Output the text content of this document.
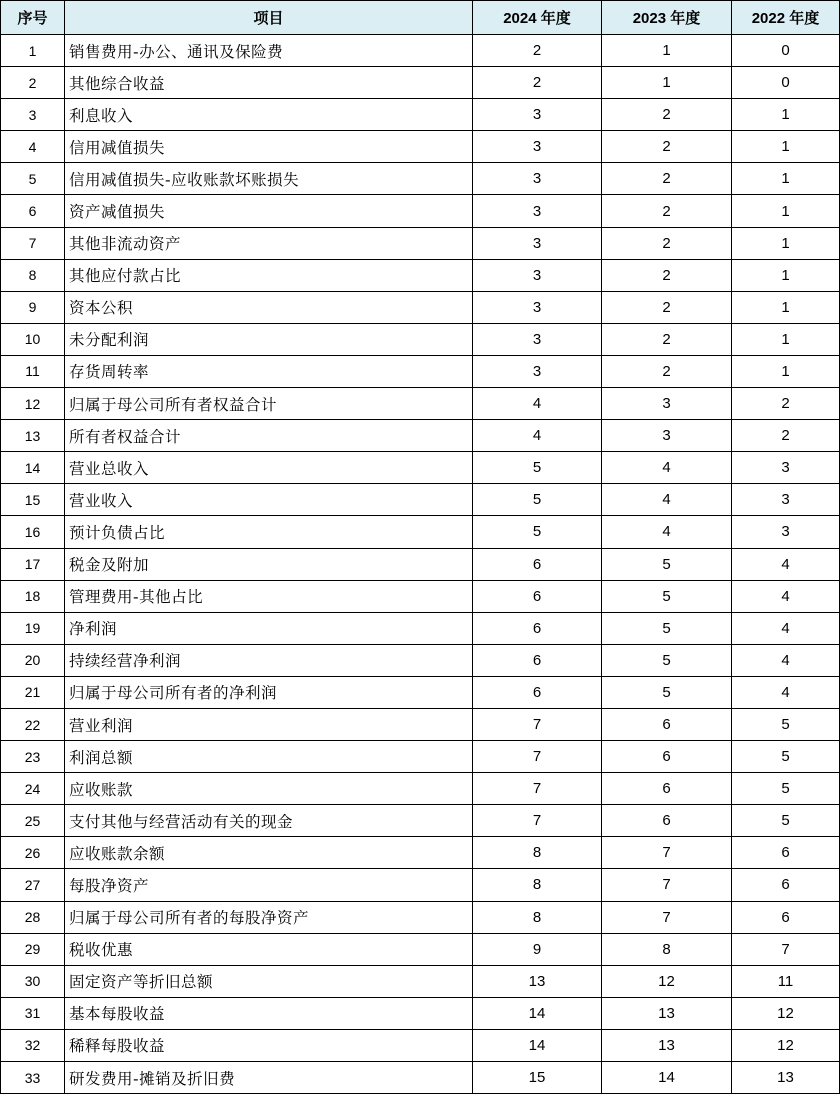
序号	项目	2024 年度	2023 年度	2022 年度
1	销售费用-办公、通讯及保险费	2	1	0
2	其他综合收益	2	1	0
3	利息收入	3	2	1
4	信用减值损失	3	2	1
5	信用减值损失-应收账款坏账损失	3	2	1
6	资产减值损失	3	2	1
7	其他非流动资产	3	2	1
8	其他应付款占比	3	2	1
9	资本公积	3	2	1
10	未分配利润	3	2	1
11	存货周转率	3	2	1
12	归属于母公司所有者权益合计	4	3	2
13	所有者权益合计	4	3	2
14	营业总收入	5	4	3
15	营业收入	5	4	3
16	预计负债占比	5	4	3
17	税金及附加	6	5	4
18	管理费用-其他占比	6	5	4
19	净利润	6	5	4
20	持续经营净利润	6	5	4
21	归属于母公司所有者的净利润	6	5	4
22	营业利润	7	6	5
23	利润总额	7	6	5
24	应收账款	7	6	5
25	支付其他与经营活动有关的现金	7	6	5
26	应收账款余额	8	7	6
27	每股净资产	8	7	6
28	归属于母公司所有者的每股净资产	8	7	6
29	税收优惠	9	8	7
30	固定资产等折旧总额	13	12	11
31	基本每股收益	14	13	12
32	稀释每股收益	14	13	12
33	研发费用-摊销及折旧费	15	14	13
